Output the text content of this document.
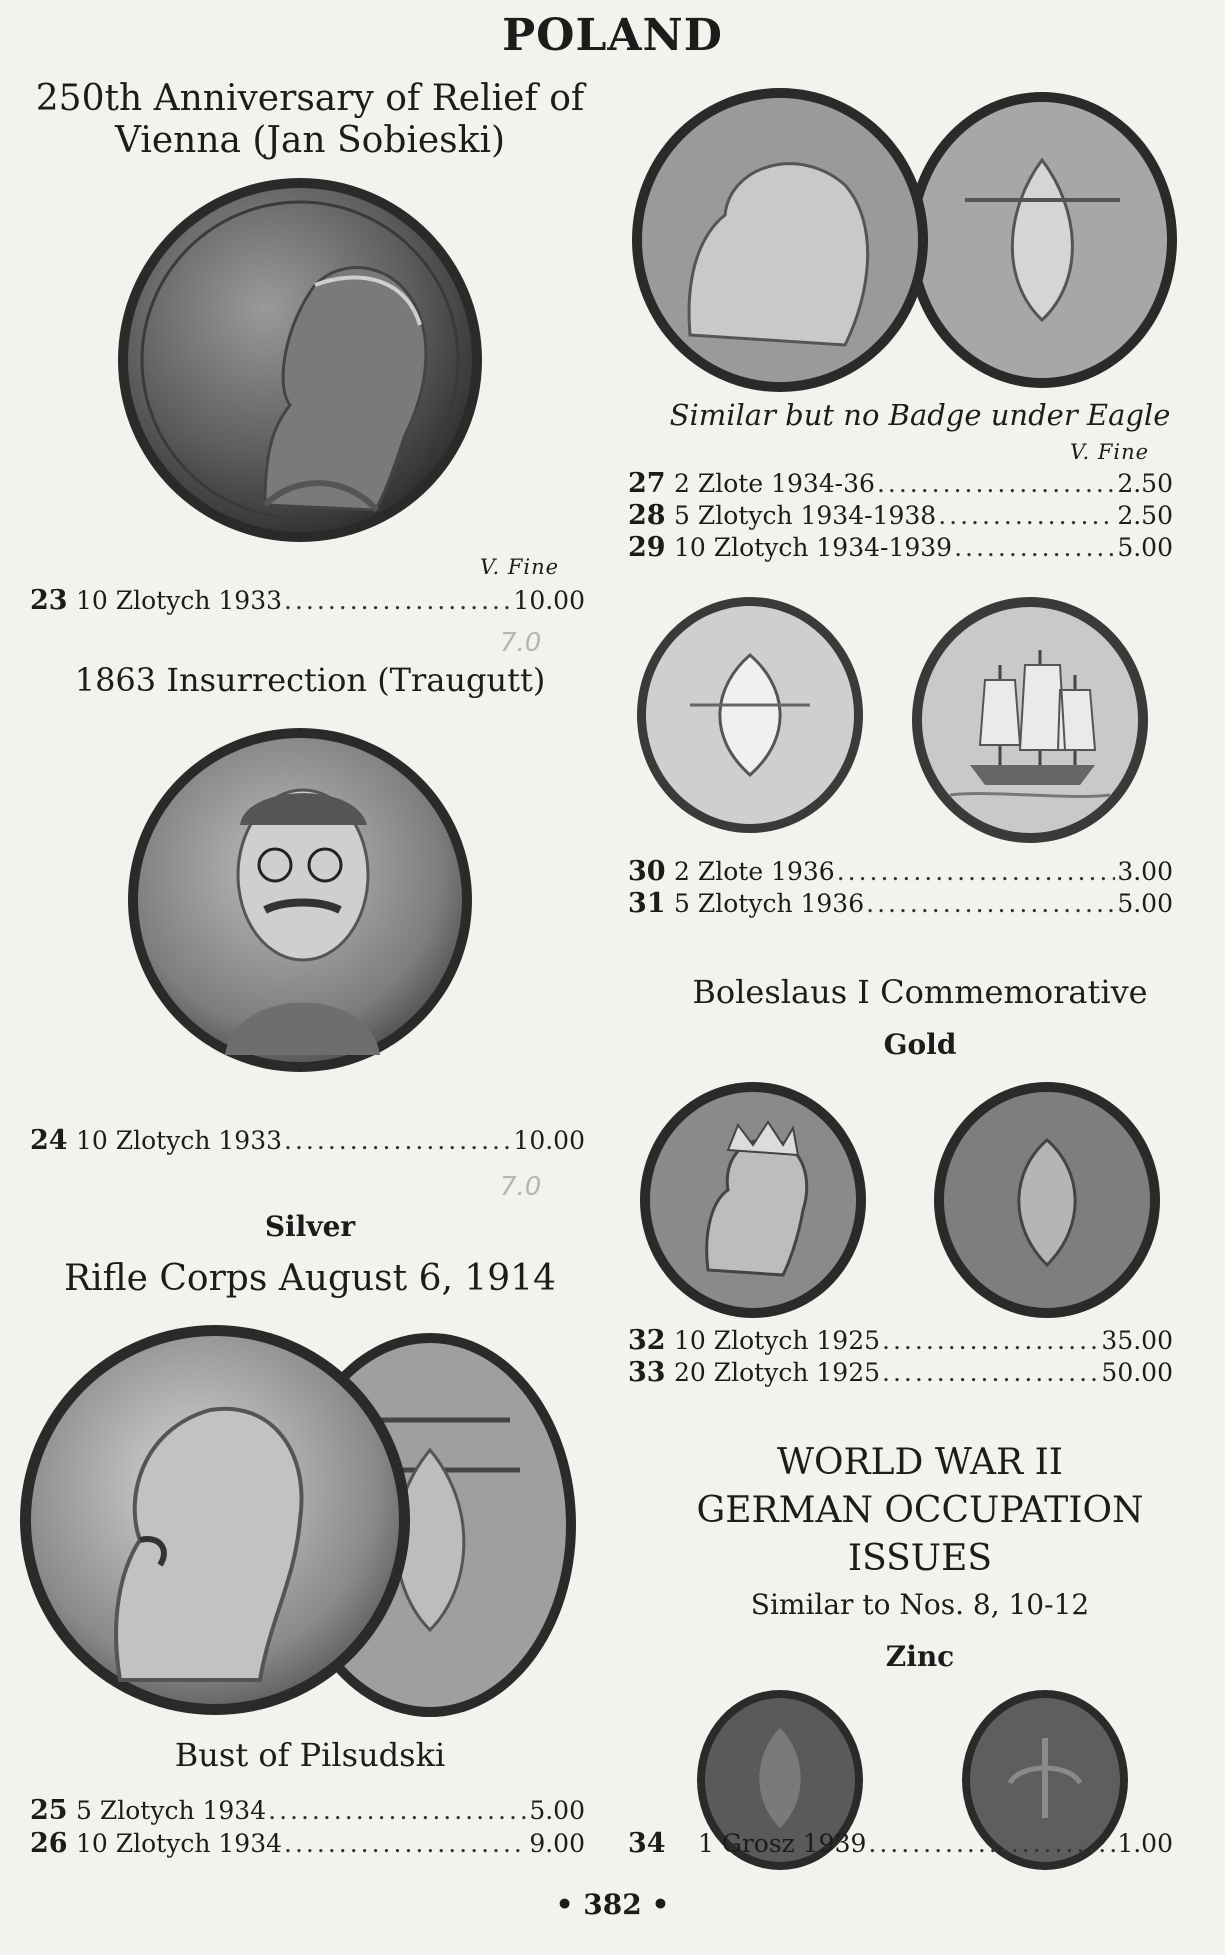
POLAND
250th Anniversary of Relief of
Vienna (Jan Sobieski)
V. Fine
23 10 Zlotych 1933 .....	10.00
7.0
1863 Insurrection (Traugutt)
24 10 Zlotych 1933 .....	10.00
7.0
Silver
Rifle Corps August 6, 1914
Bust of Pilsudski
25 5 Zlotych 1934 .....	5.00
26 10 Zlotych 1934 .....	9.00
Similar but no Badge under Eagle
V. Fine
27 2 Zlote 1934-36 .....	2.50
28 5 Zlotych 1934-1938 .....	2.50
29 10 Zlotych 1934-1939 .....	5.00
30 2 Zlote 1936 .....	3.00
31 5 Zlotych 1936 .....	5.00
Boleslaus I Commemorative
Gold
32 10 Zlotych 1925 .....	35.00
33 20 Zlotych 1925 .....	50.00
WORLD WAR II
GERMAN OCCUPATION
ISSUES
Similar to Nos. 8, 10-12
Zinc
34	1 Grosz 1939 .....	1.00
• 382 •
